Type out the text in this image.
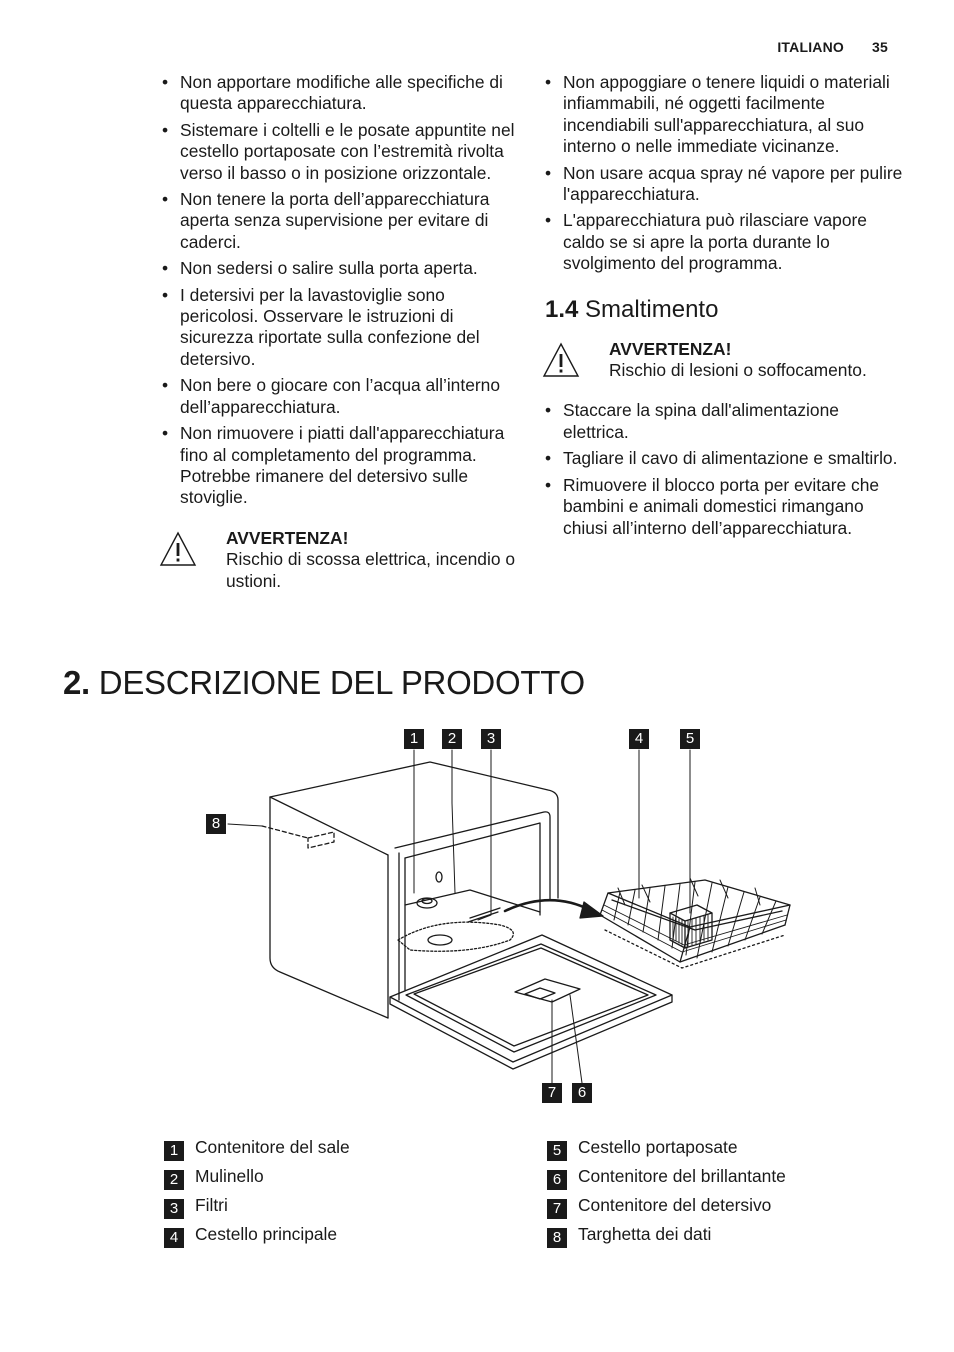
ITALIANO 35
• Non apportare modifiche alle specifiche di questa apparecchiatura.
• Sistemare i coltelli e le posate appuntite nel cestello portaposate con l’estremità rivolta verso il basso o in posizione orizzontale.
• Non tenere la porta dell’apparecchiatura aperta senza supervisione per evitare di caderci.
• Non sedersi o salire sulla porta aperta.
• I detersivi per la lavastoviglie sono pericolosi. Osservare le istruzioni di sicurezza riportate sulla confezione del detersivo.
• Non bere o giocare con l’acqua all’interno dell’apparecchiatura.
• Non rimuovere i piatti dall'apparecchiatura fino al completamento del programma. Potrebbe rimanere del detersivo sulle stoviglie.
AVVERTENZA!
Rischio di scossa elettrica, incendio o ustioni.
• Non appoggiare o tenere liquidi o materiali infiammabili, né oggetti facilmente incendiabili sull'apparecchiatura, al suo interno o nelle immediate vicinanze.
• Non usare acqua spray né vapore per pulire l'apparecchiatura.
• L'apparecchiatura può rilasciare vapore caldo se si apre la porta durante lo svolgimento del programma.
1.4 Smaltimento
AVVERTENZA!
Rischio di lesioni o soffocamento.
• Staccare la spina dall'alimentazione elettrica.
• Tagliare il cavo di alimentazione e smaltirlo.
• Rimuovere il blocco porta per evitare che bambini e animali domestici rimangano chiusi all’interno dell’apparecchiatura.
2. DESCRIZIONE DEL PRODOTTO
1	2	3	4	5
6
7
8
1 Contenitore del sale
2 Mulinello
3 Filtri
4 Cestello principale
5 Cestello portaposate
6 Contenitore del brillantante
7 Contenitore del detersivo
8 Targhetta dei dati
